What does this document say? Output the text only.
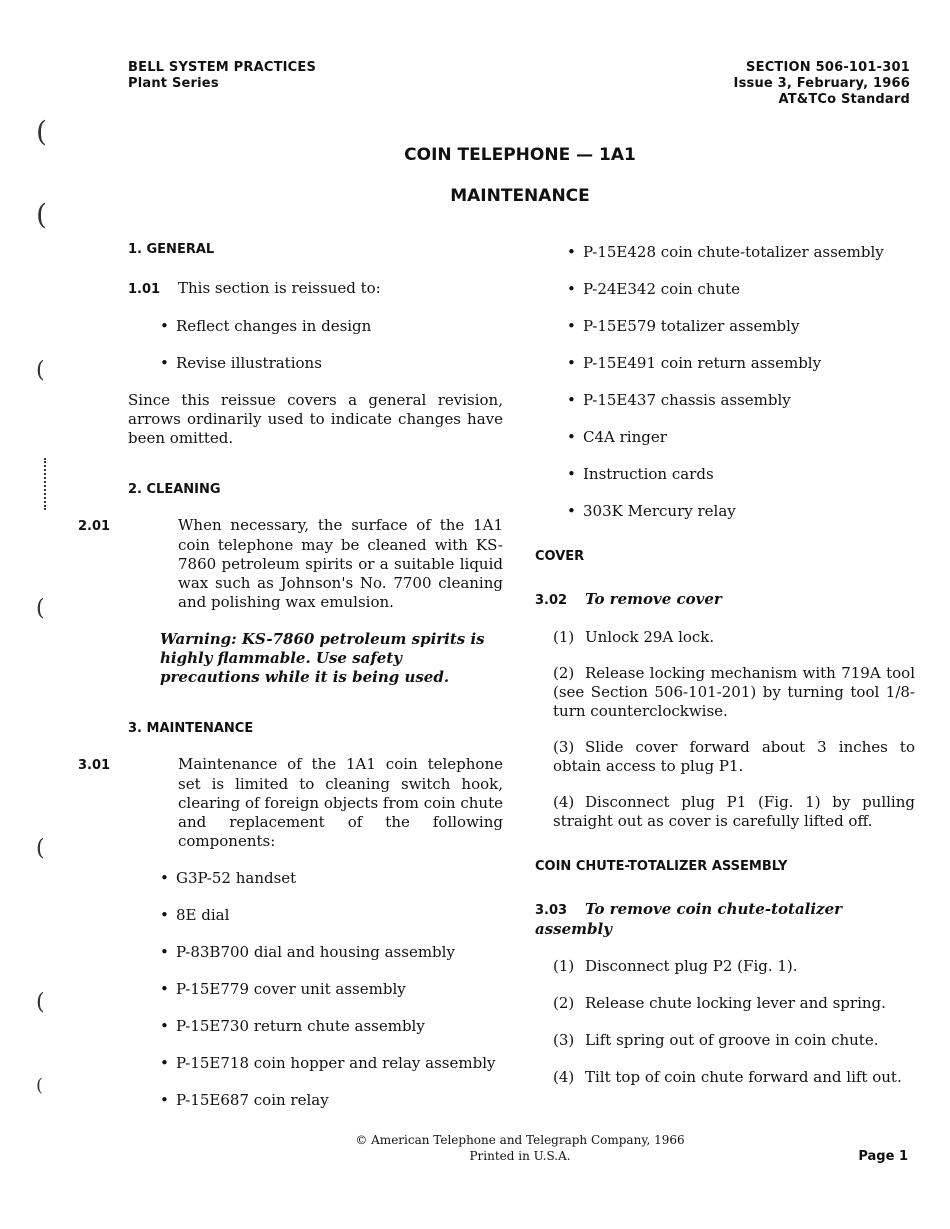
BELL SYSTEM PRACTICES
Plant Series
SECTION 506-101-301
Issue 3, February, 1966
AT&TCo Standard
COIN TELEPHONE — 1A1
MAINTENANCE
(
(
(
(
(
(
(
1. GENERAL
1.01 This section is reissued to:
• Reflect changes in design
• Revise illustrations
Since this reissue covers a general revision, arrows ordinarily used to indicate changes have been omitted.
2. CLEANING
2.01	When necessary, the surface of the 1A1 coin telephone may be cleaned with KS-7860 petroleum spirits or a suitable liquid wax such as Johnson's No. 7700 cleaning and polishing wax emulsion.
Warning: KS-7860 petroleum spirits is highly flammable. Use safety precautions while it is being used.
3. MAINTENANCE
3.01	Maintenance of the 1A1 coin telephone set is limited to cleaning switch hook, clearing of foreign objects from coin chute and replacement of the following components:
• G3P-52 handset
• 8E dial
• P-83B700 dial and housing assembly
• P-15E779 cover unit assembly
• P-15E730 return chute assembly
• P-15E718 coin hopper and relay assembly
• P-15E687 coin relay
• P-15E428 coin chute-totalizer assembly
• P-24E342 coin chute
• P-15E579 totalizer assembly
• P-15E491 coin return assembly
• P-15E437 chassis assembly
• C4A ringer
• Instruction cards
• 303K Mercury relay
COVER
3.02 To remove cover
(1) Unlock 29A lock.
(2) Release locking mechanism with 719A tool (see Section 506-101-201) by turning tool 1/8-turn counterclockwise.
(3) Slide cover forward about 3 inches to obtain access to plug P1.
(4) Disconnect plug P1 (Fig. 1) by pulling straight out as cover is carefully lifted off.
COIN CHUTE-TOTALIZER ASSEMBLY
3.03 To remove coin chute-totalizer assembly
(1) Disconnect plug P2 (Fig. 1).
(2) Release chute locking lever and spring.
(3) Lift spring out of groove in coin chute.
(4) Tilt top of coin chute forward and lift out.
© American Telephone and Telegraph Company, 1966
Printed in U.S.A.	Page 1
